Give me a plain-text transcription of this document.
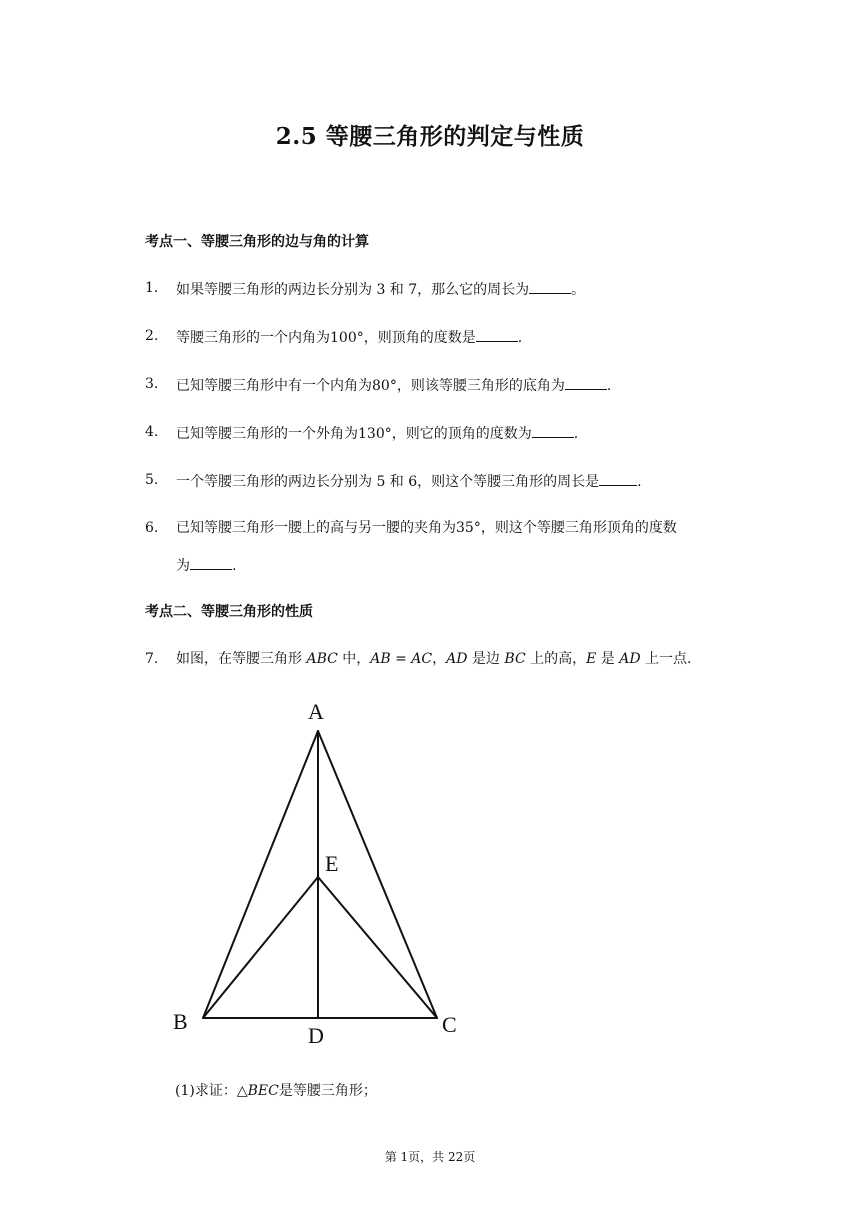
2.5 等腰三角形的判定与性质
考点一、等腰三角形的边与角的计算
1.	如果等腰三角形的两边长分别为 3 和 7，那么它的周长为	。
2.	等腰三角形的一个内角为100°，则顶角的度数是	.
3.	已知等腰三角形中有一个内角为80°，则该等腰三角形的底角为	.
4.	已知等腰三角形的一个外角为130°，则它的顶角的度数为	.
5.	一个等腰三角形的两边长分别为 5 和 6，则这个等腰三角形的周长是	.
6.	已知等腰三角形一腰上的高与另一腰的夹角为35°，则这个等腰三角形顶角的度数
为	.
考点二、等腰三角形的性质
7.	如图，在等腰三角形 ABC 中，AB = AC，AD 是边 BC 上的高，E 是 AD 上一点.
A
B	C
D
E
(1)求证：△BEC是等腰三角形；
第 1页，共 22页
